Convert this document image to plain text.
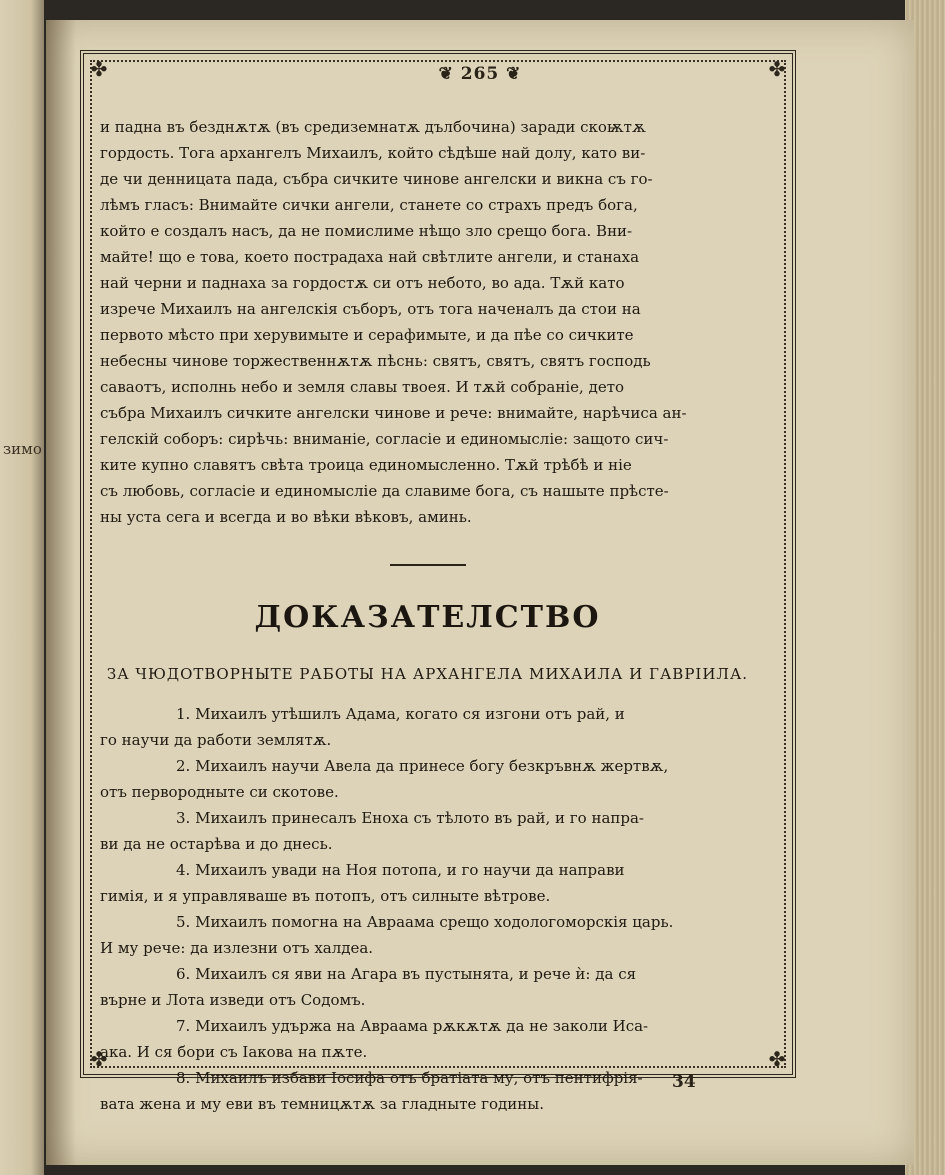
зимо
❦ 265 ❦
✤	✤
✤	✤

и падна въ безднѫтѫ (въ средиземнатѫ дълбочина) заради скоѭтѫ
гордость. Тога архангелъ Михаилъ, който сѣдѣше най долу, като ви-
де чи денницата пада, събра сичките чинове ангелски и викна съ го-
лѣмъ гласъ: Внимайте сички ангели, станете со страхъ предъ бога,
който е создалъ насъ, да не помислиме нѣщо зло срещо бога. Вни-
майте! що е това, което пострадаха най свѣтлите ангели, и станаха
най черни и паднаха за гордостѫ си отъ небото, во ада. Тѫй като
изрече Михаилъ на ангелскія съборъ, отъ тога наченалъ да стои на
первото мѣсто при херувимыте и серафимыте, и да пѣе со сичките
небесны чинове торжественнѫтѫ пѣснь: святъ, святъ, святъ господь
саваотъ, исполнь небо и земля славы твоея. И тѫй собраніе, дето
събра Михаилъ сичките ангелски чинове и рече: внимайте, нарѣчиса ан-
гелскій соборъ: сирѣчь: вниманіе, согласіе и единомысліе: защото сич-
ките купно славятъ свѣта троица единомысленно. Тѫй трѣбѣ и ніе
съ любовь, согласіе и единомысліе да славиме бога, съ нашыте прѣсте-
ны уста сега и всегда и во вѣки вѣковъ, аминь.

ДОКАЗАТЕЛСТВО
ЗА ЧЮДОТВОРНЫТЕ РАБОТЫ НА АРХАНГЕЛА МИХАИЛА И ГАВРІИЛА.
1. Михаилъ утѣшилъ Адама, когато ся изгони отъ рай, и
го научи да работи землятѫ.
2. Михаилъ научи Авела да принесе богу безкръвнѫ жертвѫ,
отъ первородныте си скотове.
3. Михаилъ принесалъ Еноха съ тѣлото въ рай, и го напра-
ви да не остарѣва и до днесь.
4. Михаилъ увади на Ноя потопа, и го научи да направи
гимія, и я управляваше въ потопъ, отъ силныте вѣтрове.
5. Михаилъ помогна на Авраама срещо ходологоморскія царь.
И му рече: да излезни отъ халдеа.
6. Михаилъ ся яви на Агара въ пустынята, и рече ѝ: да ся
върне и Лота изведи отъ Содомъ.
7. Михаилъ удържа на Авраама рѫкѫтѫ да не заколи Иса-
ака. И ся бори съ Іакова на пѫте.
8. Михаилъ избави Іосифа отъ братіата му, отъ пентифрія-
вата жена и му еви въ темницѫтѫ за гладныте годины.
34
